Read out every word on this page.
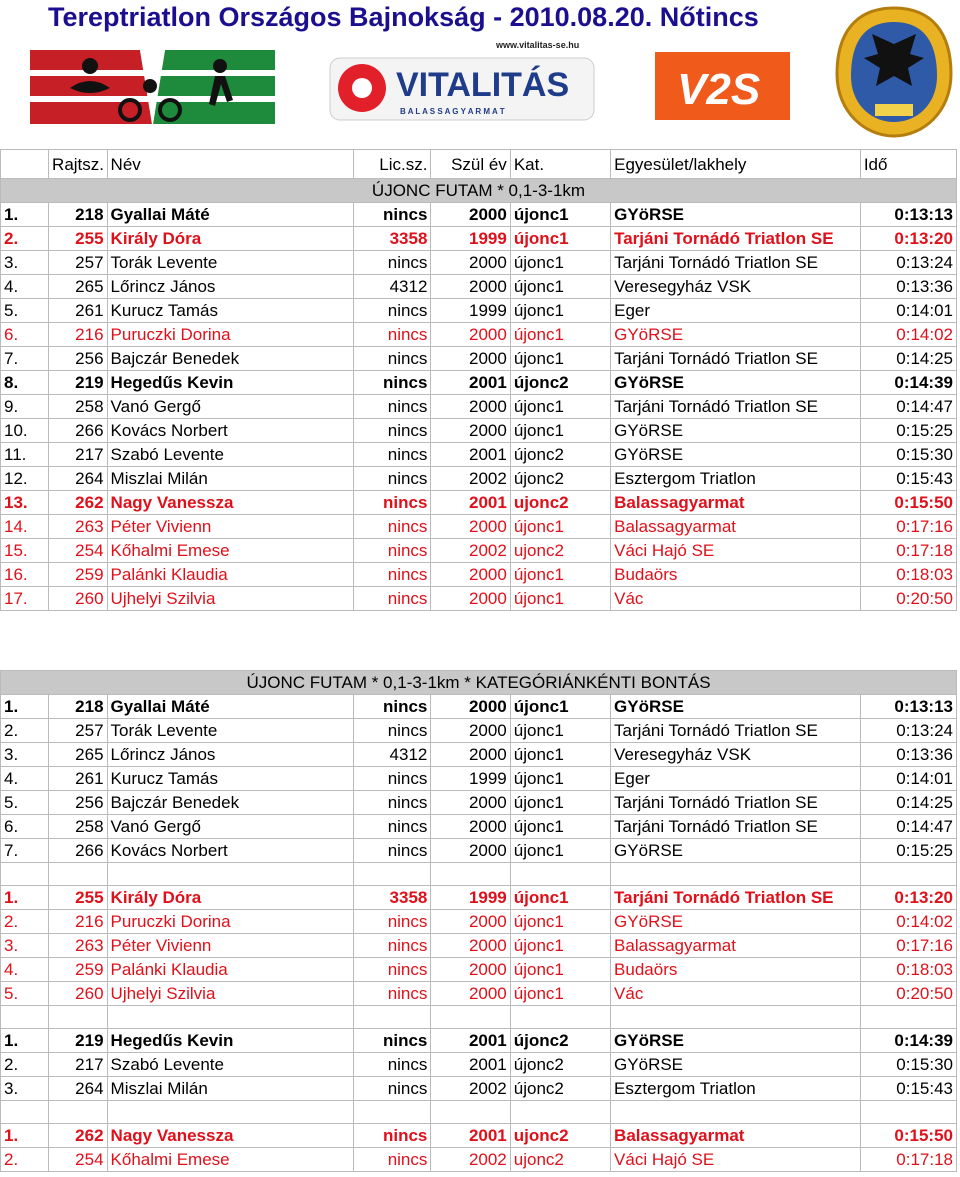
Tereptriatlon Országos Bajnokság - 2010.08.20. Nőtincs
www.vitalitas-se.hu
VITALITÁS
B A L A S S A G Y A R M A T	V2S
	Rajtsz.	Név	Lic.sz.	Szül év	Kat.	Egyesület/lakhely	Idő
ÚJONC FUTAM * 0,1-3-1km							
1.	218	Gyallai Máté	nincs	2000	újonc1	GYöRSE	0:13:13
2.	255	Király Dóra	3358	1999	újonc1	Tarjáni Tornádó Triatlon SE	0:13:20
3.	257	Torák Levente	nincs	2000	újonc1	Tarjáni Tornádó Triatlon SE	0:13:24
4.	265	Lőrincz János	4312	2000	újonc1	Veresegyház VSK	0:13:36
5.	261	Kurucz Tamás	nincs	1999	újonc1	Eger	0:14:01
6.	216	Puruczki Dorina	nincs	2000	újonc1	GYöRSE	0:14:02
7.	256	Bajczár Benedek	nincs	2000	újonc1	Tarjáni Tornádó Triatlon SE	0:14:25
8.	219	Hegedűs Kevin	nincs	2001	újonc2	GYöRSE	0:14:39
9.	258	Vanó Gergő	nincs	2000	újonc1	Tarjáni Tornádó Triatlon SE	0:14:47
10.	266	Kovács Norbert	nincs	2000	újonc1	GYöRSE	0:15:25
11.	217	Szabó Levente	nincs	2001	újonc2	GYöRSE	0:15:30
12.	264	Miszlai Milán	nincs	2002	újonc2	Esztergom Triatlon	0:15:43
13.	262	Nagy Vanessza	nincs	2001	ujonc2	Balassagyarmat	0:15:50
14.	263	Péter Vivienn	nincs	2000	újonc1	Balassagyarmat	0:17:16
15.	254	Kőhalmi Emese	nincs	2002	ujonc2	Váci Hajó SE	0:17:18
16.	259	Palánki Klaudia	nincs	2000	újonc1	Budaörs	0:18:03
17.	260	Ujhelyi Szilvia	nincs	2000	újonc1	Vác	0:20:50
ÚJONC FUTAM * 0,1-3-1km * KATEGÓRIÁNKÉNTI BONTÁS							
1.	218	Gyallai Máté	nincs	2000	újonc1	GYöRSE	0:13:13
2.	257	Torák Levente	nincs	2000	újonc1	Tarjáni Tornádó Triatlon SE	0:13:24
3.	265	Lőrincz János	4312	2000	újonc1	Veresegyház VSK	0:13:36
4.	261	Kurucz Tamás	nincs	1999	újonc1	Eger	0:14:01
5.	256	Bajczár Benedek	nincs	2000	újonc1	Tarjáni Tornádó Triatlon SE	0:14:25
6.	258	Vanó Gergő	nincs	2000	újonc1	Tarjáni Tornádó Triatlon SE	0:14:47
7.	266	Kovács Norbert	nincs	2000	újonc1	GYöRSE	0:15:25

1.	255	Király Dóra	3358	1999	újonc1	Tarjáni Tornádó Triatlon SE	0:13:20
2.	216	Puruczki Dorina	nincs	2000	újonc1	GYöRSE	0:14:02
3.	263	Péter Vivienn	nincs	2000	újonc1	Balassagyarmat	0:17:16
4.	259	Palánki Klaudia	nincs	2000	újonc1	Budaörs	0:18:03
5.	260	Ujhelyi Szilvia	nincs	2000	újonc1	Vác	0:20:50

1.	219	Hegedűs Kevin	nincs	2001	újonc2	GYöRSE	0:14:39
2.	217	Szabó Levente	nincs	2001	újonc2	GYöRSE	0:15:30
3.	264	Miszlai Milán	nincs	2002	újonc2	Esztergom Triatlon	0:15:43

1.	262	Nagy Vanessza	nincs	2001	ujonc2	Balassagyarmat	0:15:50
2.	254	Kőhalmi Emese	nincs	2002	ujonc2	Váci Hajó SE	0:17:18
